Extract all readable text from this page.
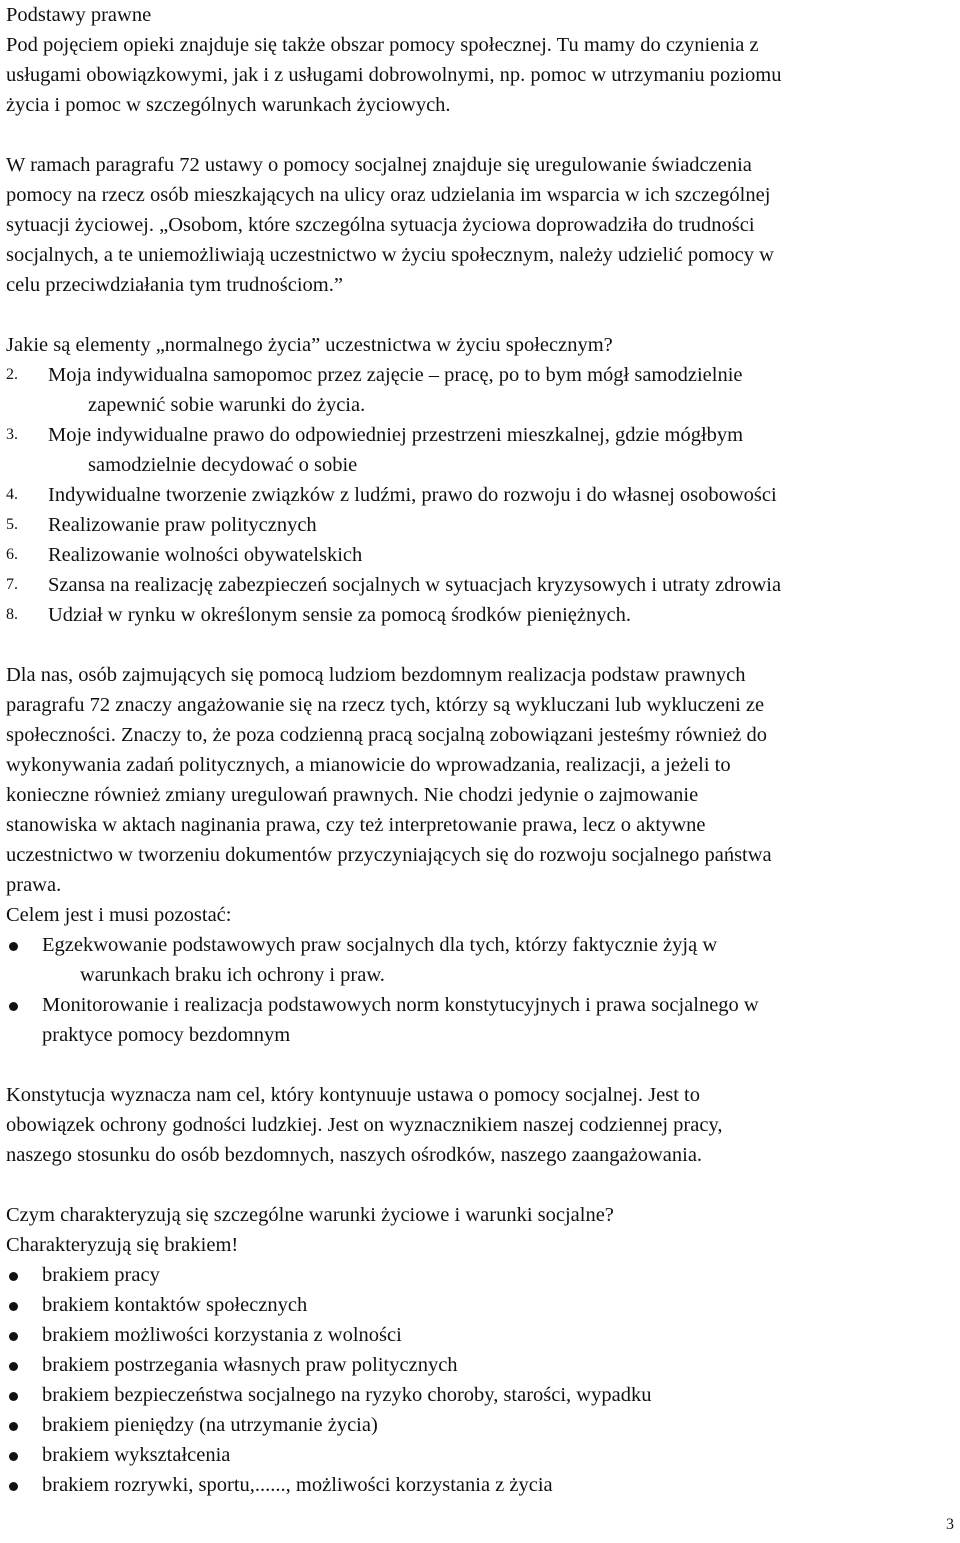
Podstawy prawne

Pod pojęciem opieki znajduje się także obszar pomocy społecznej. Tu mamy do czynienia z

usługami obowiązkowymi, jak i z usługami dobrowolnymi, np. pomoc w utrzymaniu poziomu

życia i pomoc w szczególnych warunkach życiowych.

W ramach paragrafu 72 ustawy o pomocy socjalnej znajduje się uregulowanie świadczenia

pomocy na rzecz osób mieszkających na ulicy oraz udzielania im wsparcia w ich szczególnej

sytuacji życiowej. „Osobom, które szczególna sytuacja życiowa doprowadziła do trudności

socjalnych, a te uniemożliwiają uczestnictwo w życiu społecznym, należy udzielić pomocy w

celu przeciwdziałania tym trudnościom.”

Jakie są elementy „normalnego życia” uczestnictwa w życiu społecznym?

2. Moja indywidualna samopomoc przez zajęcie – pracę, po to bym mógł samodzielnie
zapewnić sobie warunki do życia.
3. Moje indywidualne prawo do odpowiedniej przestrzeni mieszkalnej, gdzie mógłbym
samodzielnie decydować o sobie
4. Indywidualne tworzenie związków z ludźmi, prawo do rozwoju i do własnej osobowości
5. Realizowanie praw politycznych
6. Realizowanie wolności obywatelskich
7. Szansa na realizację zabezpieczeń socjalnych w sytuacjach kryzysowych i utraty zdrowia
8. Udział w rynku w określonym sensie za pomocą środków pieniężnych.

Dla nas, osób zajmujących się pomocą ludziom bezdomnym realizacja podstaw prawnych

paragrafu 72 znaczy angażowanie się na rzecz tych, którzy są wykluczani lub wykluczeni ze

społeczności. Znaczy to, że poza codzienną pracą socjalną zobowiązani jesteśmy również do

wykonywania zadań politycznych, a mianowicie do wprowadzania, realizacji, a jeżeli to

konieczne również zmiany uregulowań prawnych. Nie chodzi jedynie o zajmowanie

stanowiska w aktach naginania prawa, czy też interpretowanie prawa, lecz o aktywne

uczestnictwo w tworzeniu dokumentów przyczyniających się do rozwoju socjalnego państwa

prawa.

Celem jest i musi pozostać:

Egzekwowanie podstawowych praw socjalnych dla tych, którzy faktycznie żyją w
warunkach braku ich ochrony i praw.
Monitorowanie i realizacja podstawowych norm konstytucyjnych i prawa socjalnego w
praktyce pomocy bezdomnym

Konstytucja wyznacza nam cel, który kontynuuje ustawa o pomocy socjalnej. Jest to

obowiązek ochrony godności ludzkiej. Jest on wyznacznikiem naszej codziennej pracy,

naszego stosunku do osób bezdomnych, naszych ośrodków, naszego zaangażowania.

Czym charakteryzują się szczególne warunki życiowe i warunki socjalne?

Charakteryzują się brakiem!

brakiem pracy
brakiem kontaktów społecznych
brakiem możliwości korzystania z wolności
brakiem postrzegania własnych praw politycznych
brakiem bezpieczeństwa socjalnego na ryzyko choroby, starości, wypadku
brakiem pieniędzy (na utrzymanie życia)
brakiem wykształcenia
brakiem rozrywki, sportu,......, możliwości korzystania z życia
3
